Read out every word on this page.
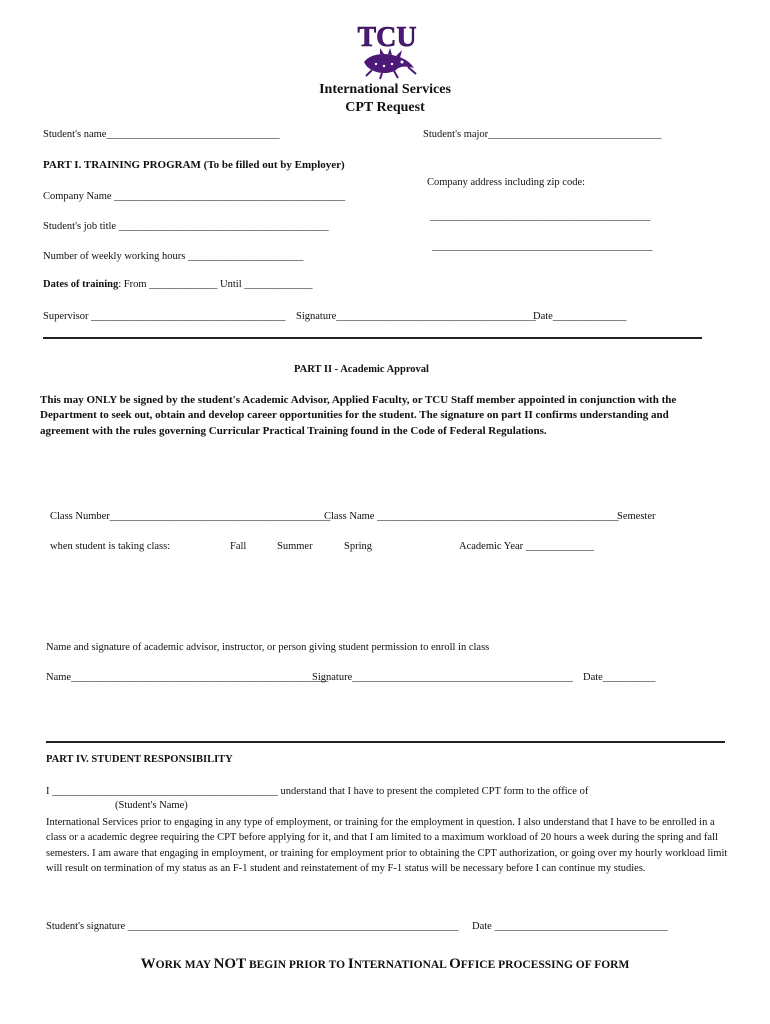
TCU
International Services
CPT Request
Student's name_________________________________	Student's major_________________________________
PART I. TRAINING PROGRAM (To be filled out by Employer)
Company address including zip code:
Company Name ____________________________________________
__________________________________________
Student's job title ________________________________________
__________________________________________
Number of weekly working hours ______________________
Dates of training: From _____________ Until _____________
Supervisor _____________________________________ Signature______________________________________
Date______________
PART II - Academic Approval
This may ONLY be signed by the student's Academic Advisor, Applied Faculty, or TCU Staff member appointed in conjunction with the Department to seek out, obtain and develop career opportunities for the student. The signature on part II confirms understanding and agreement with the rules governing Curricular Practical Training found in the Code of Federal Regulations.
Class Number__________________________________________
Class Name ______________________________________________
Semester
when student is taking class:	Fall	Summer	Spring	Academic Year _____________
Name and signature of academic advisor, instructor, or person giving student permission to enroll in class
Name_________________________________________________
Signature__________________________________________ Date__________
PART IV. STUDENT RESPONSIBILITY
I ___________________________________________ understand that I have to present the completed CPT form to the office of
(Student's Name)
International Services prior to engaging in any type of employment, or training for the employment in question. I also understand that I have to be enrolled in a class or a academic degree requiring the CPT before applying for it, and that I am limited to a maximum workload of 20 hours a week during the spring and fall semesters. I am aware that engaging in employment, or training for employment prior to obtaining the CPT authorization, or going over my hourly workload limit will result on termination of my status as an F-1 student and reinstatement of my F-1 status will be necessary before I can continue my studies.
Student's signature _______________________________________________________________ Date _________________________________
WORK MAY NOT BEGIN PRIOR TO INTERNATIONAL OFFICE PROCESSING OF FORM
